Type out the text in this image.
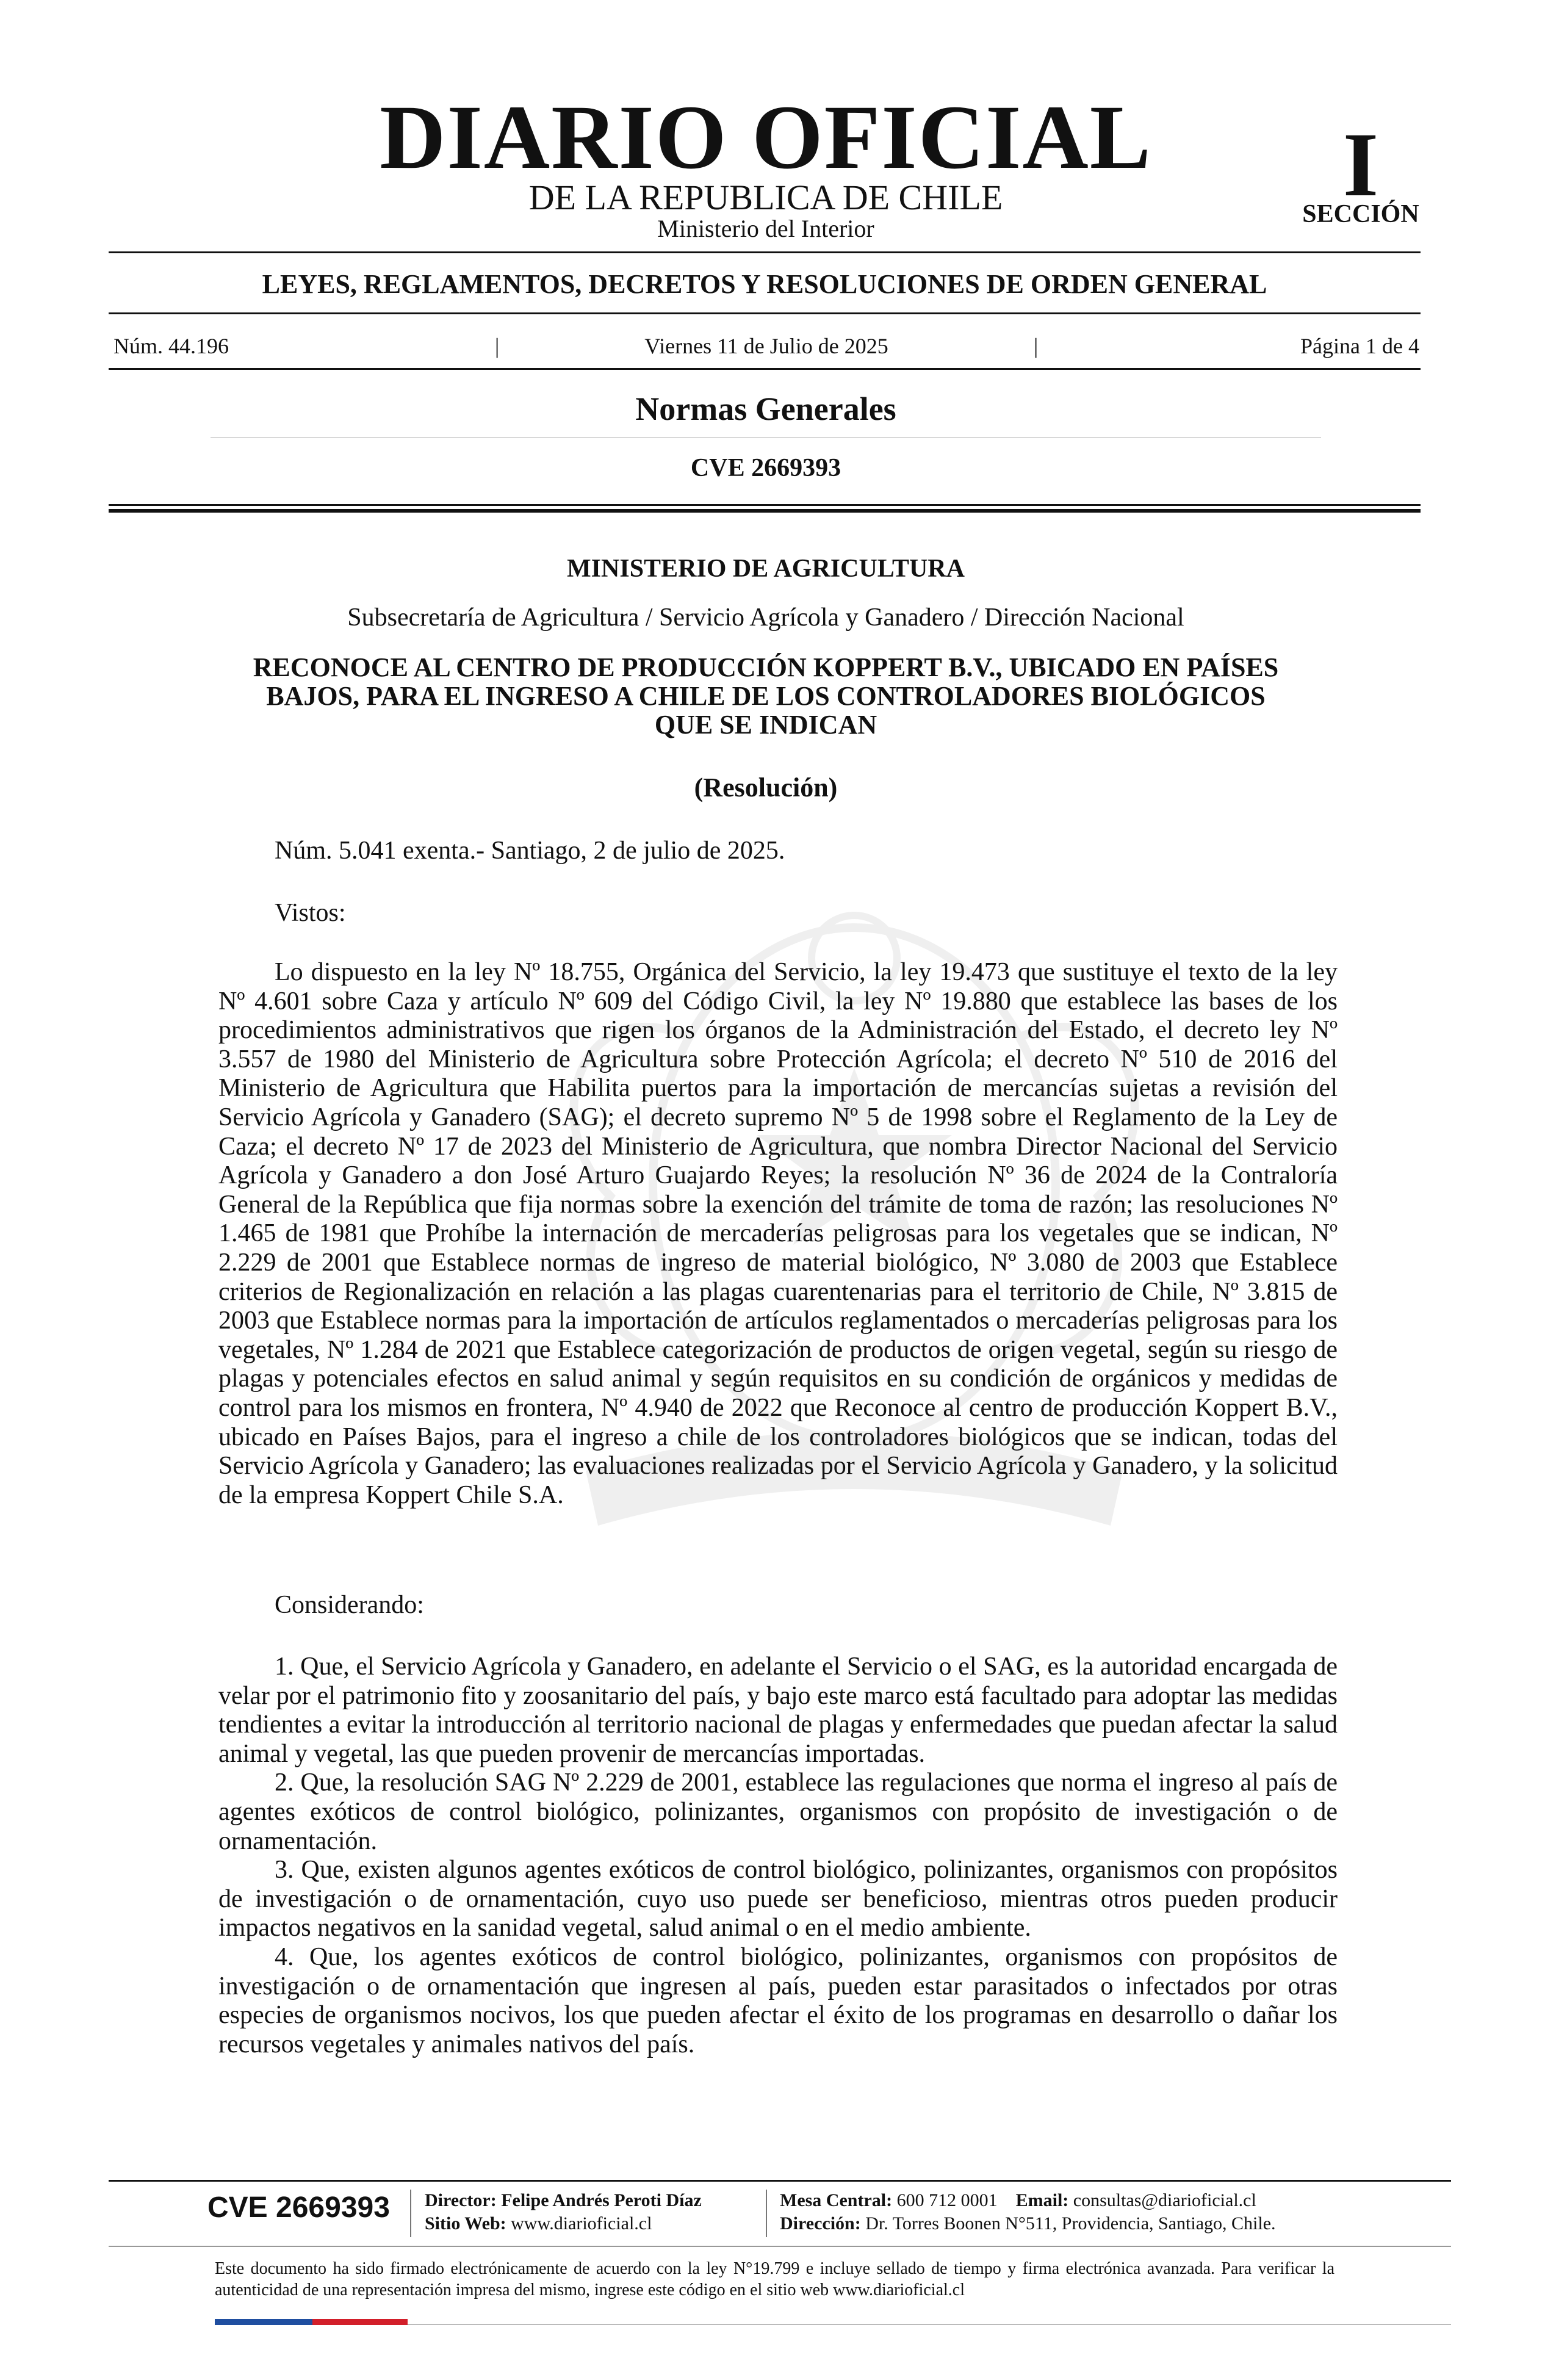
DIARIO OFICIAL
DE LA REPUBLICA DE CHILE
Ministerio del Interior
I
SECCIÓN
LEYES, REGLAMENTOS, DECRETOS Y RESOLUCIONES DE ORDEN GENERAL
Núm. 44.196	|	Viernes 11 de Julio de 2025	|	Página 1 de 4
Normas Generales
CVE 2669393
MINISTERIO DE AGRICULTURA
Subsecretaría de Agricultura / Servicio Agrícola y Ganadero / Dirección Nacional
RECONOCE AL CENTRO DE PRODUCCIÓN KOPPERT B.V., UBICADO EN PAÍSES
BAJOS, PARA EL INGRESO A CHILE DE LOS CONTROLADORES BIOLÓGICOS
QUE SE INDICAN
(Resolución)
Núm. 5.041 exenta.- Santiago, 2 de julio de 2025.
Vistos:

Lo dispuesto en la ley Nº 18.755, Orgánica del Servicio, la ley 19.473 que sustituye el texto de la ley Nº 4.601 sobre Caza y artículo Nº 609 del Código Civil, la ley Nº 19.880 que establece las bases de los procedimientos administrativos que rigen los órganos de la Administración del Estado, el decreto ley Nº 3.557 de 1980 del Ministerio de Agricultura sobre Protección Agrícola; el decreto Nº 510 de 2016 del Ministerio de Agricultura que Habilita puertos para la importación de mercancías sujetas a revisión del Servicio Agrícola y Ganadero (SAG); el decreto supremo Nº 5 de 1998 sobre el Reglamento de la Ley de Caza; el decreto Nº 17 de 2023 del Ministerio de Agricultura, que nombra Director Nacional del Servicio Agrícola y Ganadero a don José Arturo Guajardo Reyes; la resolución Nº 36 de 2024 de la Contraloría General de la República que fija normas sobre la exención del trámite de toma de razón; las resoluciones Nº 1.465 de 1981 que Prohíbe la internación de mercaderías peligrosas para los vegetales que se indican, Nº 2.229 de 2001 que Establece normas de ingreso de material biológico, Nº 3.080 de 2003 que Establece criterios de Regionalización en relación a las plagas cuarentenarias para el territorio de Chile, Nº 3.815 de 2003 que Establece normas para la importación de artículos reglamentados o mercaderías peligrosas para los vegetales, Nº 1.284 de 2021 que Establece categorización de productos de origen vegetal, según su riesgo de plagas y potenciales efectos en salud animal y según requisitos en su condición de orgánicos y medidas de control para los mismos en frontera, Nº 4.940 de 2022 que Reconoce al centro de producción Koppert B.V., ubicado en Países Bajos, para el ingreso a chile de los controladores biológicos que se indican, todas del Servicio Agrícola y Ganadero; las evaluaciones realizadas por el Servicio Agrícola y Ganadero, y la solicitud de la empresa Koppert Chile S.A.

Considerando:

1. Que, el Servicio Agrícola y Ganadero, en adelante el Servicio o el SAG, es la autoridad encargada de velar por el patrimonio fito y zoosanitario del país, y bajo este marco está facultado para adoptar las medidas tendientes a evitar la introducción al territorio nacional de plagas y enfermedades que puedan afectar la salud animal y vegetal, las que pueden provenir de mercancías importadas.

2. Que, la resolución SAG Nº 2.229 de 2001, establece las regulaciones que norma el ingreso al país de agentes exóticos de control biológico, polinizantes, organismos con propósito de investigación o de ornamentación.

3. Que, existen algunos agentes exóticos de control biológico, polinizantes, organismos con propósitos de investigación o de ornamentación, cuyo uso puede ser beneficioso, mientras otros pueden producir impactos negativos en la sanidad vegetal, salud animal o en el medio ambiente.

4. Que, los agentes exóticos de control biológico, polinizantes, organismos con propósitos de investigación o de ornamentación que ingresen al país, pueden estar parasitados o infectados por otras especies de organismos nocivos, los que pueden afectar el éxito de los programas en desarrollo o dañar los recursos vegetales y animales nativos del país.

CVE 2669393 Director: Felipe Andrés Peroti Díaz
Sitio Web: www.diarioficial.cl
Mesa Central: 600 712 0001 Email: consultas@diarioficial.cl
Dirección: Dr. Torres Boonen N°511, Providencia, Santiago, Chile.
Este documento ha sido firmado electrónicamente de acuerdo con la ley N°19.799 e incluye sellado de tiempo y firma electrónica avanzada. Para verificar la autenticidad de una representación impresa del mismo, ingrese este código en el sitio web www.diarioficial.cl
